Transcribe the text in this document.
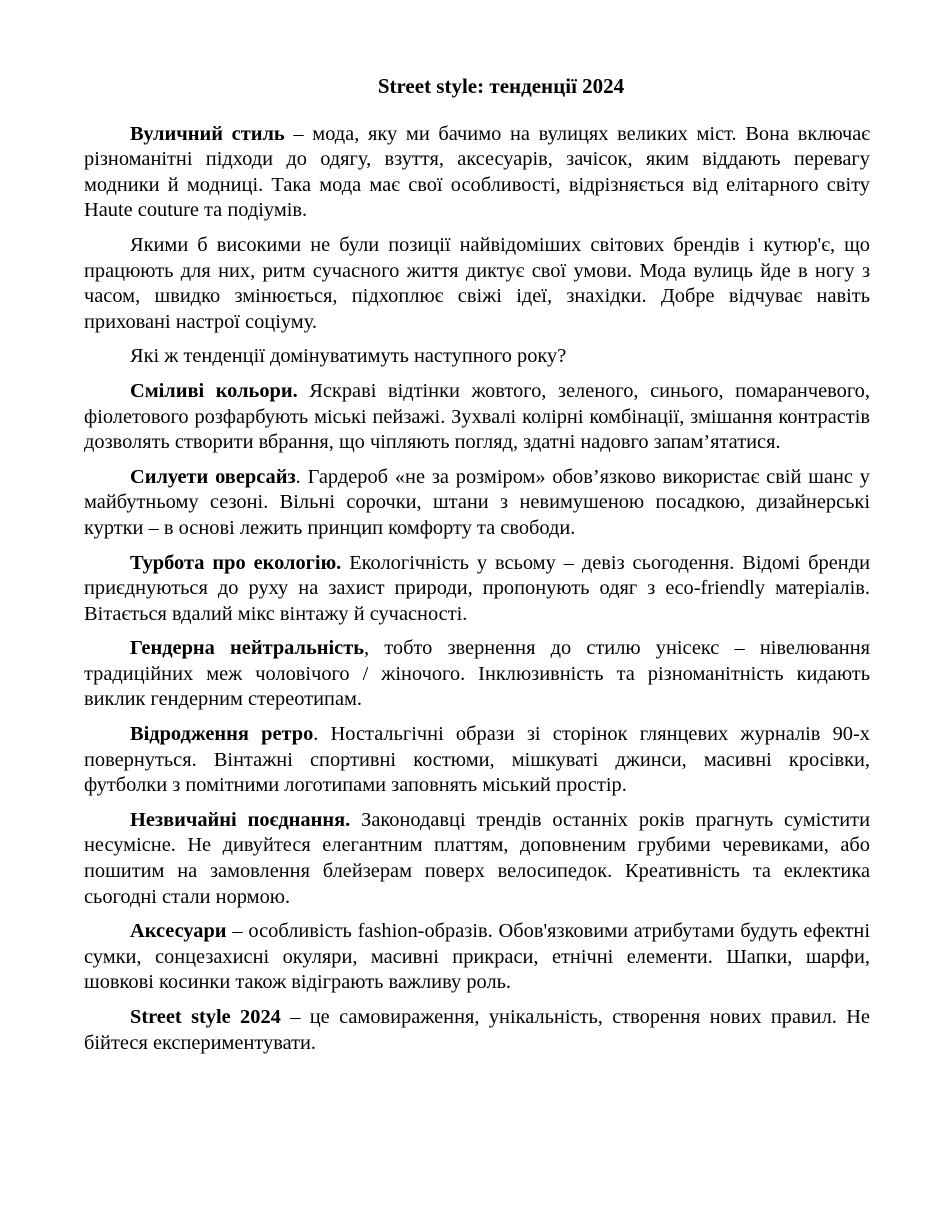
Street style: тенденції 2024

Вуличний стиль – мода, яку ми бачимо на вулицях великих міст. Вона включає різноманітні підходи до одягу, взуття, аксесуарів, зачісок, яким віддають перевагу модники й модниці. Така мода має свої особливості, відрізняється від елітарного світу Haute couture та подіумів.

Якими б високими не були позиції найвідоміших світових брендів і кутюр'є, що працюють для них, ритм сучасного життя диктує свої умови. Мода вулиць йде в ногу з часом, швидко змінюється, підхоплює свіжі ідеї, знахідки. Добре відчуває навіть приховані настрої соціуму.

Які ж тенденції домінуватимуть наступного року?

Сміливі кольори. Яскраві відтінки жовтого, зеленого, синього, помаранчевого, фіолетового розфарбують міські пейзажі. Зухвалі колірні комбінації, змішання контрастів дозволять створити вбрання, що чіпляють погляд, здатні надовго запам’ятатися.

Силуети оверсайз. Гардероб «не за розміром» обов’язково використає свій шанс у майбутньому сезоні. Вільні сорочки, штани з невимушеною посадкою, дизайнерські куртки – в основі лежить принцип комфорту та свободи.

Турбота про екологію. Екологічність у всьому – девіз сьогодення. Відомі бренди приєднуються до руху на захист природи, пропонують одяг з eco-friendly матеріалів. Вітається вдалий мікс вінтажу й сучасності.

Гендерна нейтральність, тобто звернення до стилю унісекс – нівелювання традиційних меж чоловічого / жіночого. Інклюзивність та різноманітність кидають виклик гендерним стереотипам.

Відродження ретро. Ностальгічні образи зі сторінок глянцевих журналів 90-х повернуться. Вінтажні спортивні костюми, мішкуваті джинси, масивні кросівки, футболки з помітними логотипами заповнять міський простір.

Незвичайні поєднання. Законодавці трендів останніх років прагнуть сумістити несумісне. Не дивуйтеся елегантним платтям, доповненим грубими черевиками, або пошитим на замовлення блейзерам поверх велосипедок. Креативність та еклектика сьогодні стали нормою.

Аксесуари – особливість fashion-образів. Обов'язковими атрибутами будуть ефектні сумки, сонцезахисні окуляри, масивні прикраси, етнічні елементи. Шапки, шарфи, шовкові косинки також відіграють важливу роль.

Street style 2024 – це самовираження, унікальність, створення нових правил. Не бійтеся експериментувати.
